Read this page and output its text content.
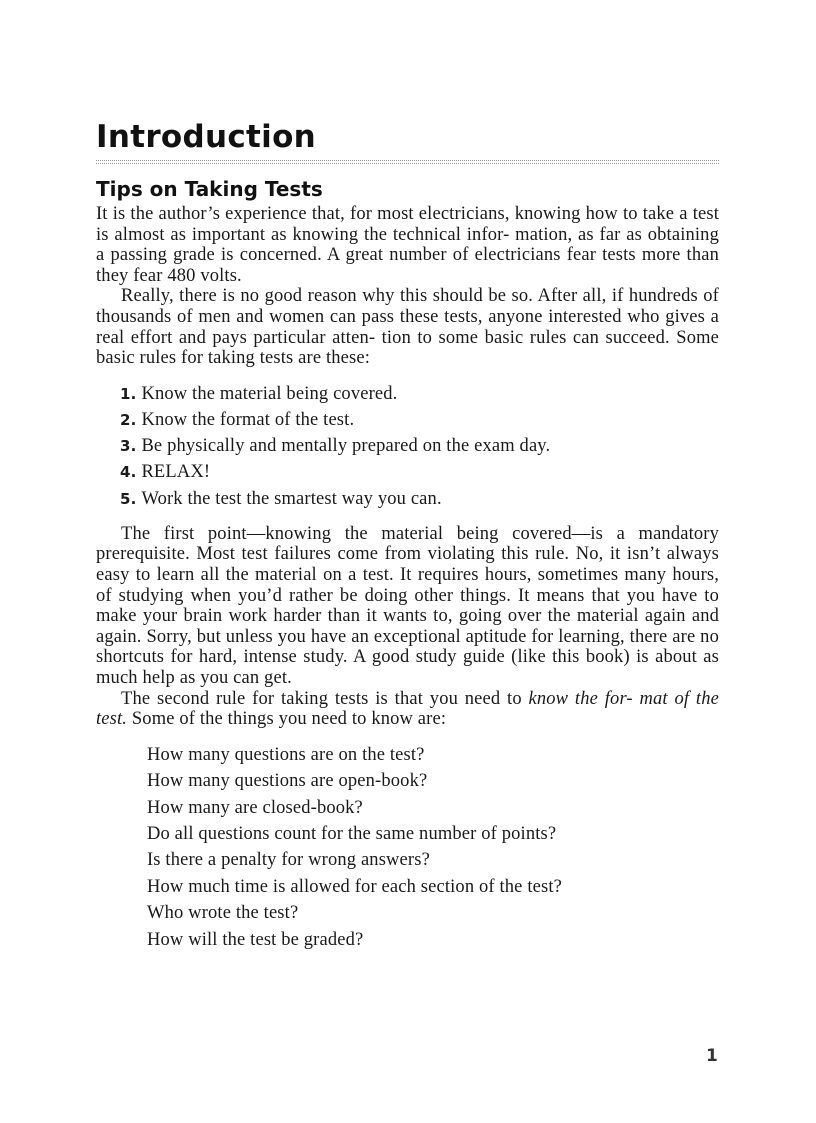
Introduction
Tips on Taking Tests

It is the author’s experience that, for most electricians, knowing how to take a test is almost as important as knowing the technical infor- mation, as far as obtaining a passing grade is concerned. A great number of electricians fear tests more than they fear 480 volts.

Really, there is no good reason why this should be so. After all, if hundreds of thousands of men and women can pass these tests, anyone interested who gives a real effort and pays particular atten- tion to some basic rules can succeed. Some basic rules for taking tests are these:

1. Know the material being covered.
2. Know the format of the test.
3. Be physically and mentally prepared on the exam day.
4. RELAX!
5. Work the test the smartest way you can.

The first point—knowing the material being covered—is a mandatory prerequisite. Most test failures come from violating this rule. No, it isn’t always easy to learn all the material on a test. It requires hours, sometimes many hours, of studying when you’d rather be doing other things. It means that you have to make your brain work harder than it wants to, going over the material again and again. Sorry, but unless you have an exceptional aptitude for learning, there are no shortcuts for hard, intense study. A good study guide (like this book) is about as much help as you can get.

The second rule for taking tests is that you need to know the for- mat of the test. Some of the things you need to know are:

How many questions are on the test?
How many questions are open-book?
How many are closed-book?
Do all questions count for the same number of points?
Is there a penalty for wrong answers?
How much time is allowed for each section of the test?
Who wrote the test?
How will the test be graded?
1
